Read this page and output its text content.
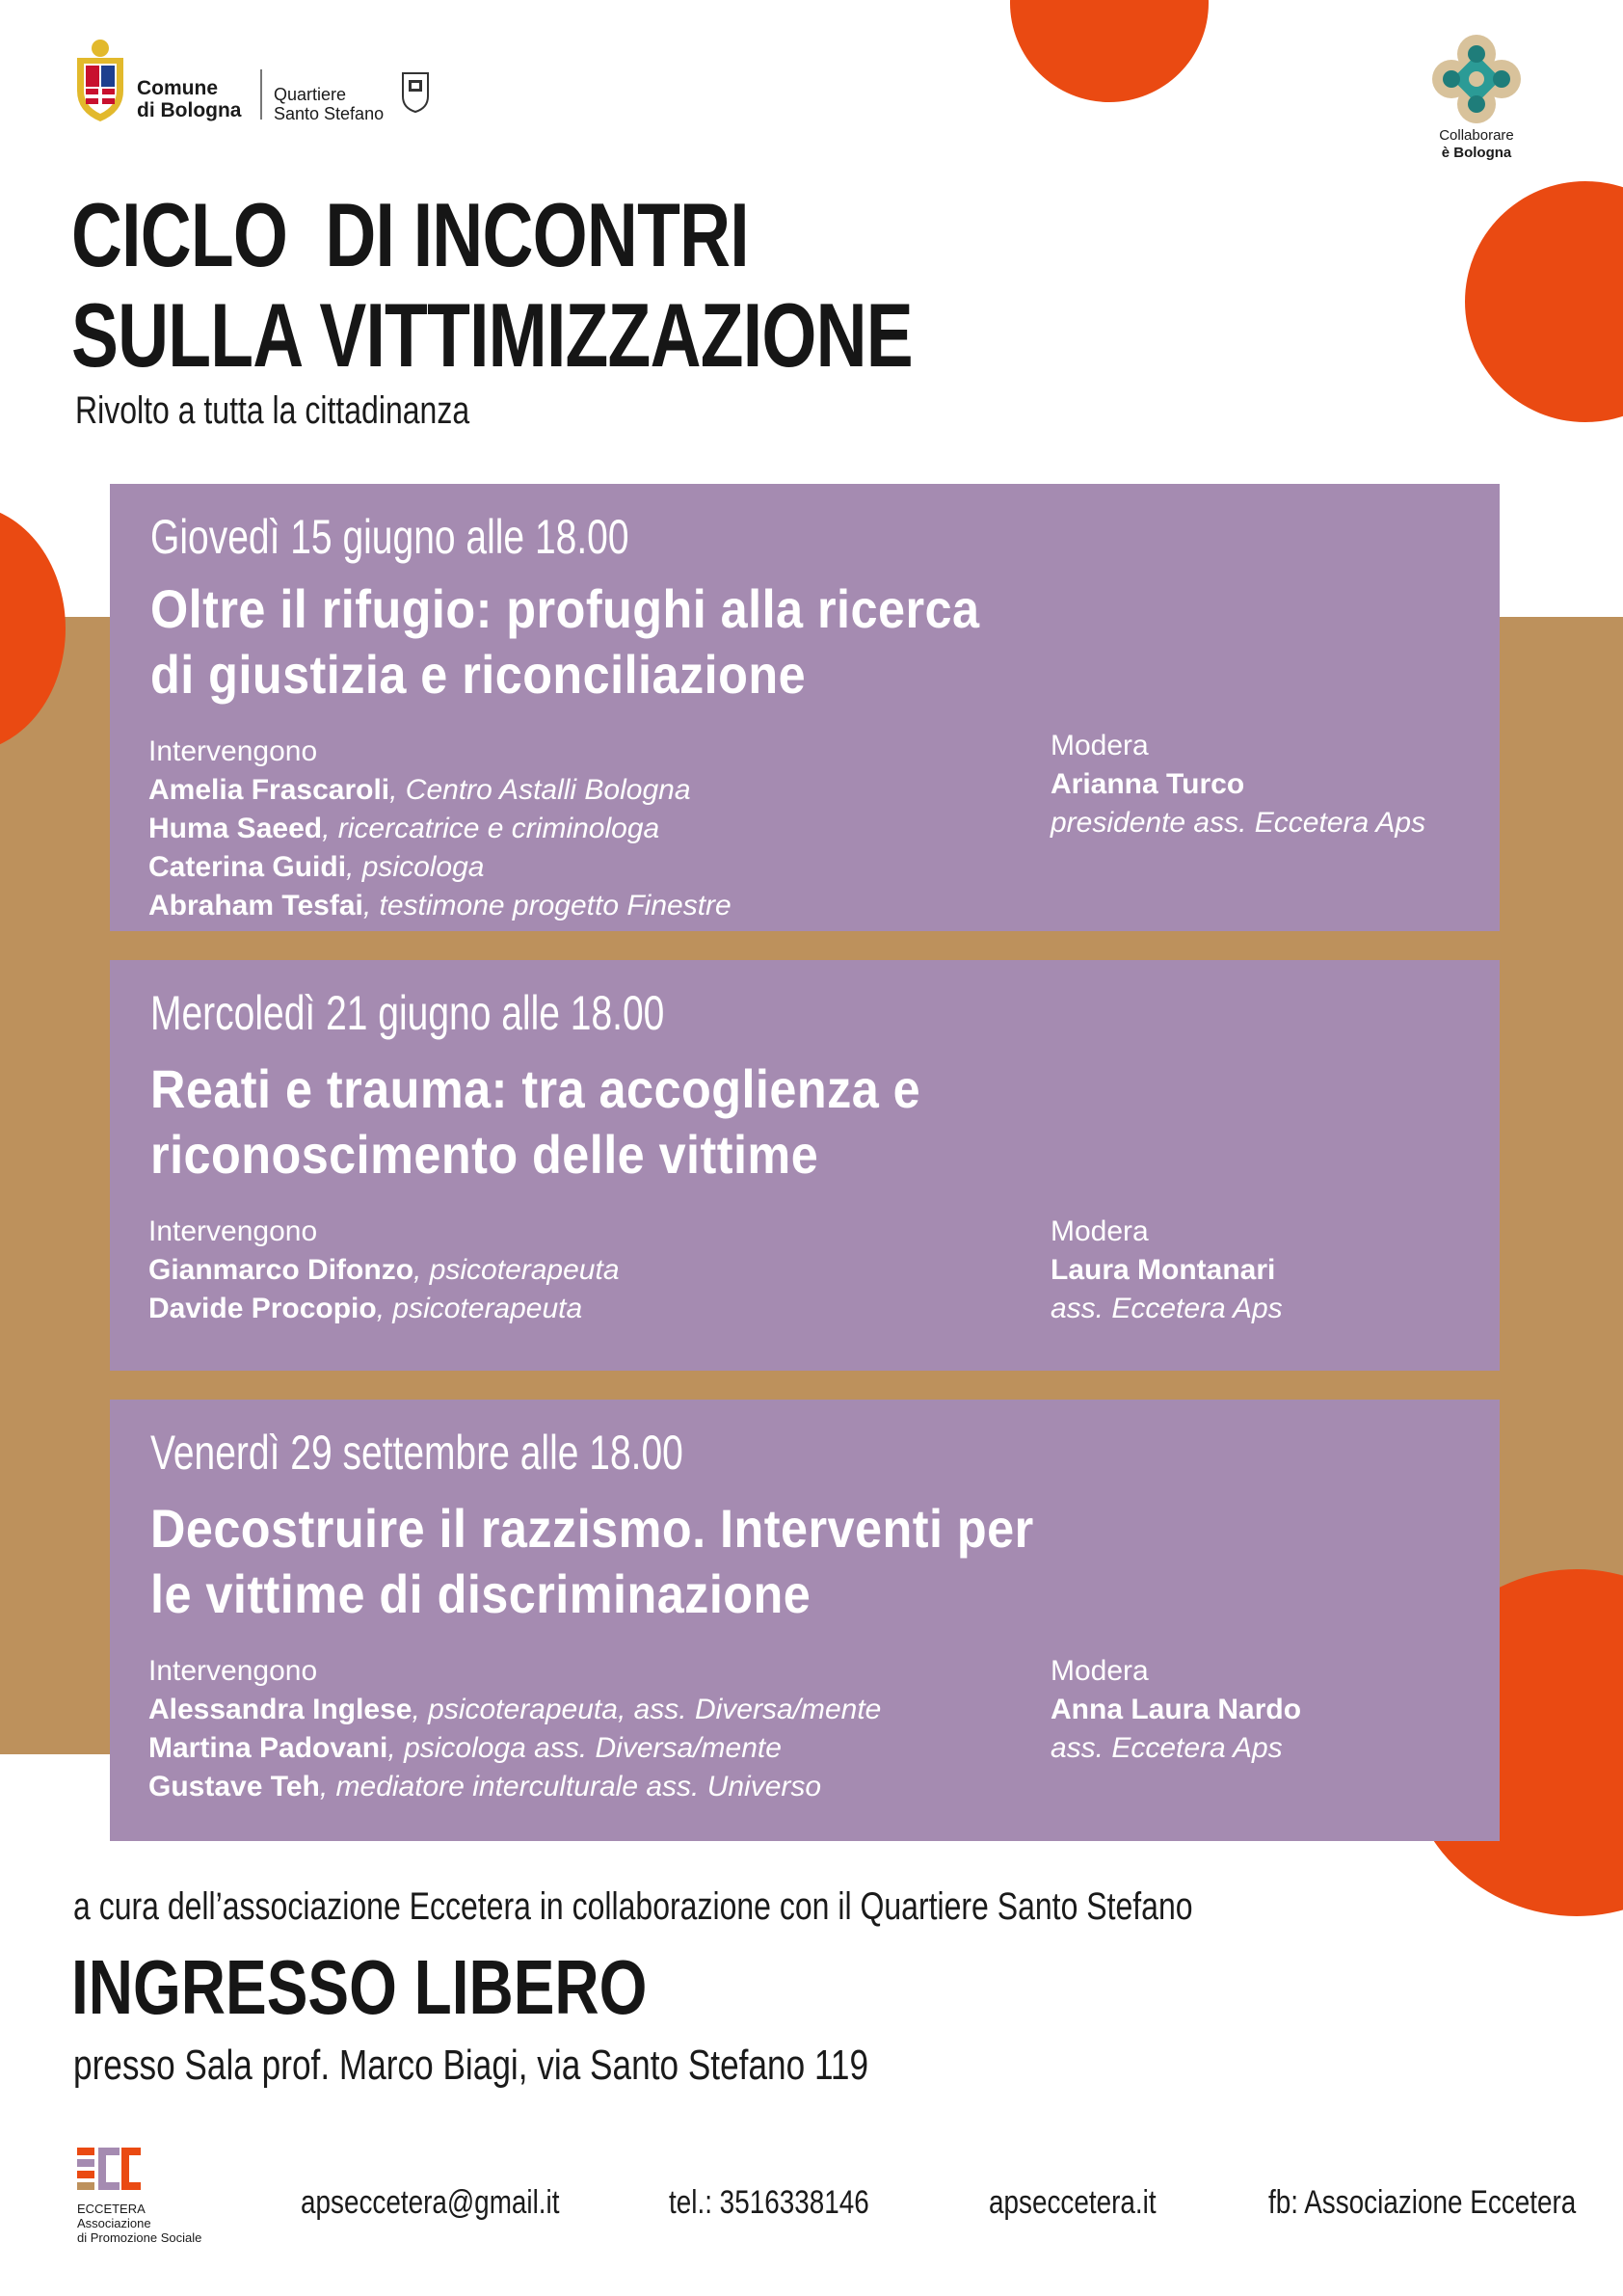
Comune
di Bologna
Quartiere
Santo Stefano
Collaborare
è Bologna
CICLO  DI INCONTRI
SULLA VITTIMIZZAZIONE
Rivolto a tutta la cittadinanza
Giovedì 15 giugno alle 18.00
Oltre il rifugio: profughi alla ricerca
di giustizia e riconciliazione
Intervengono
Amelia Frascaroli, Centro Astalli Bologna
Huma Saeed, ricercatrice e criminologa
Caterina Guidi, psicologa
Abraham Tesfai, testimone progetto Finestre
Modera
Arianna Turco
presidente ass. Eccetera Aps
Mercoledì 21 giugno alle 18.00
Reati e trauma: tra accoglienza e
riconoscimento delle vittime
Intervengono
Gianmarco Difonzo, psicoterapeuta
Davide Procopio, psicoterapeuta
Modera
Laura Montanari
ass. Eccetera Aps
Venerdì 29 settembre alle 18.00
Decostruire il razzismo. Interventi per
le vittime di discriminazione
Intervengono
Alessandra Inglese, psicoterapeuta, ass. Diversa/mente
Martina Padovani, psicologa ass. Diversa/mente
Gustave Teh, mediatore interculturale ass. Universo
Modera
Anna Laura Nardo
ass. Eccetera Aps
a cura dell’associazione Eccetera in collaborazione con il Quartiere Santo Stefano
INGRESSO LIBERO
presso Sala prof. Marco Biagi, via Santo Stefano 119
ECCETERA
Associazione
di Promozione Sociale
apseccetera@gmail.it	tel.: 3516338146	apseccetera.it	fb: Associazione Eccetera
